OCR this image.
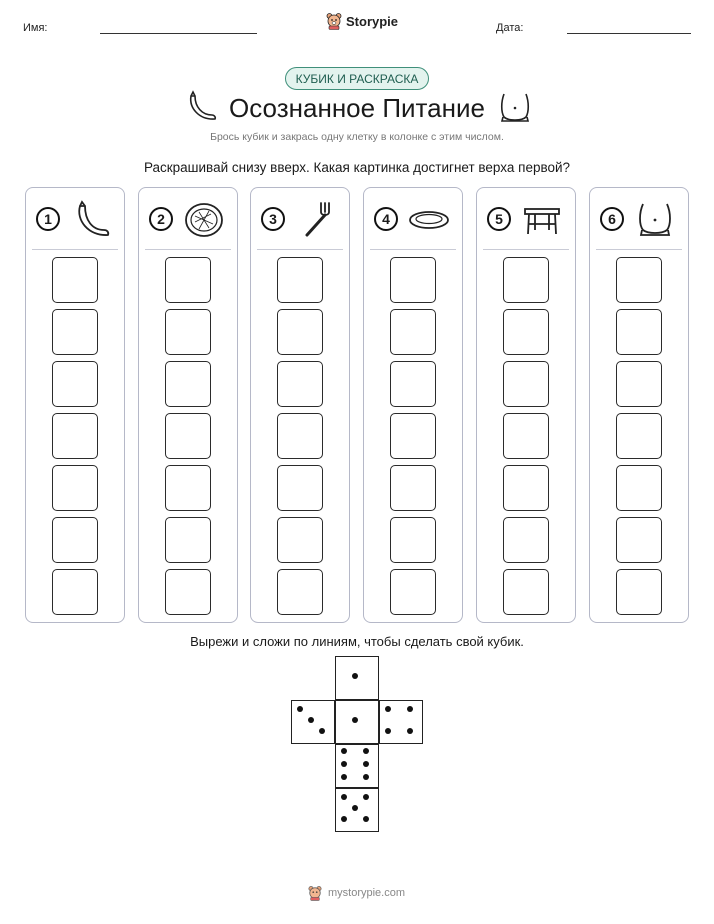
Имя:	Storypie	Дата:
КУБИК И РАСКРАСКА
Осознанное Питание
Брось кубик и закрась одну клетку в колонке с этим числом.
Раскрашивай снизу вверх. Какая картинка достигнет верха первой?
1	2	3	4	5	6
Вырежи и сложи по линиям, чтобы сделать свой кубик.
mystorypie.com
